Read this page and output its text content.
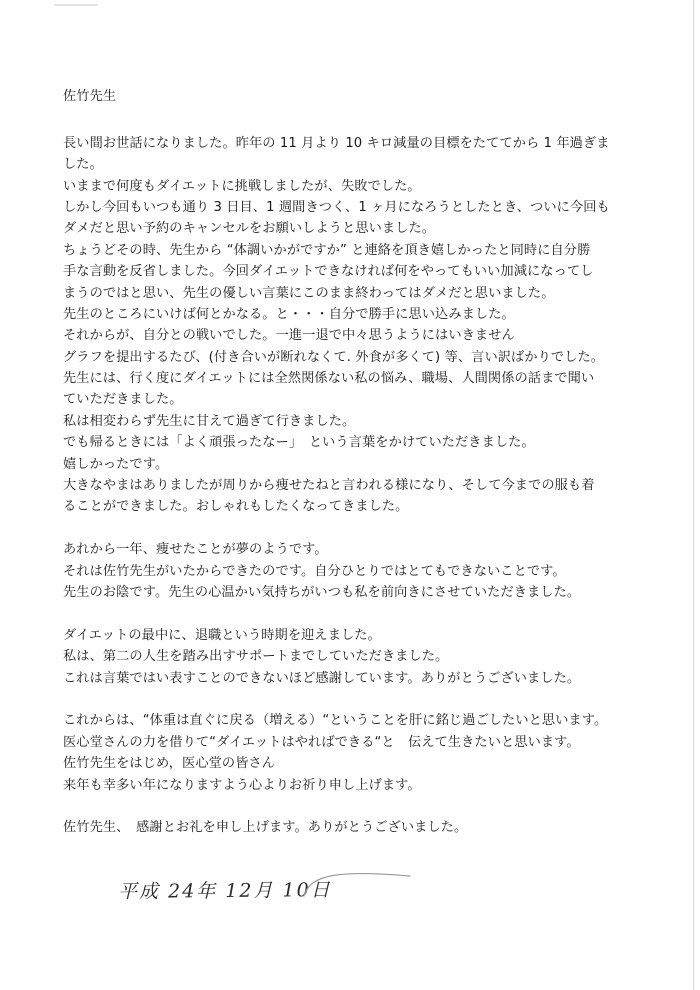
佐竹先生
長い間お世話になりました。昨年の 11 月より 10 キロ減量の目標をたててから 1 年過ぎま
した。
いままで何度もダイエットに挑戦しましたが、失敗でした。
しかし今回もいつも通り 3 日目、1 週間きつく、1 ヶ月になろうとしたとき、ついに今回も
ダメだと思い予約のキャンセルをお願いしようと思いました。
ちょうどその時、先生から “体調いかがですか” と連絡を頂き嬉しかったと同時に自分勝
手な言動を反省しました。今回ダイエットできなければ何をやってもいい加減になってし
まうのではと思い、先生の優しい言葉にこのまま終わってはダメだと思いました。
先生のところにいけば何とかなる。と・・・自分で勝手に思い込みました。
それからが、自分との戦いでした。一進一退で中々思うようにはいきません
グラフを提出するたび、(付き合いが断れなくて. 外食が多くて) 等、言い訳ばかりでした。
先生には、行く度にダイエットには全然関係ない私の悩み、職場、人間関係の話まで聞い
ていただきました。
私は相変わらず先生に甘えて過ぎて行きました。
でも帰るときには「よく頑張ったなー」　という言葉をかけていただきました。
嬉しかったです。
大きなやまはありましたが周りから痩せたねと言われる様になり、そして今までの服も着
ることができました。おしゃれもしたくなってきました。
あれから一年、痩せたことが夢のようです。
それは佐竹先生がいたからできたのです。自分ひとりではとてもできないことです。
先生のお陰です。先生の心温かい気持ちがいつも私を前向きにさせていただきました。
ダイエットの最中に、退職という時期を迎えました。
私は、第二の人生を踏み出すサポートまでしていただきました。
これは言葉ではい表すことのできないほど感謝しています。ありがとうございました。
これからは、“体重は直ぐに戻る（増える）“ということを肝に銘じ過ごしたいと思います。
医心堂さんの力を借りて“ダイエットはやればできる“と　伝えて生きたいと思います。
佐竹先生をはじめ，医心堂の皆さん
来年も幸多い年になりますよう心よりお祈り申し上げます。
佐竹先生、　感謝とお礼を申し上げます。ありがとうございました。
平成 24年 12月 10日
